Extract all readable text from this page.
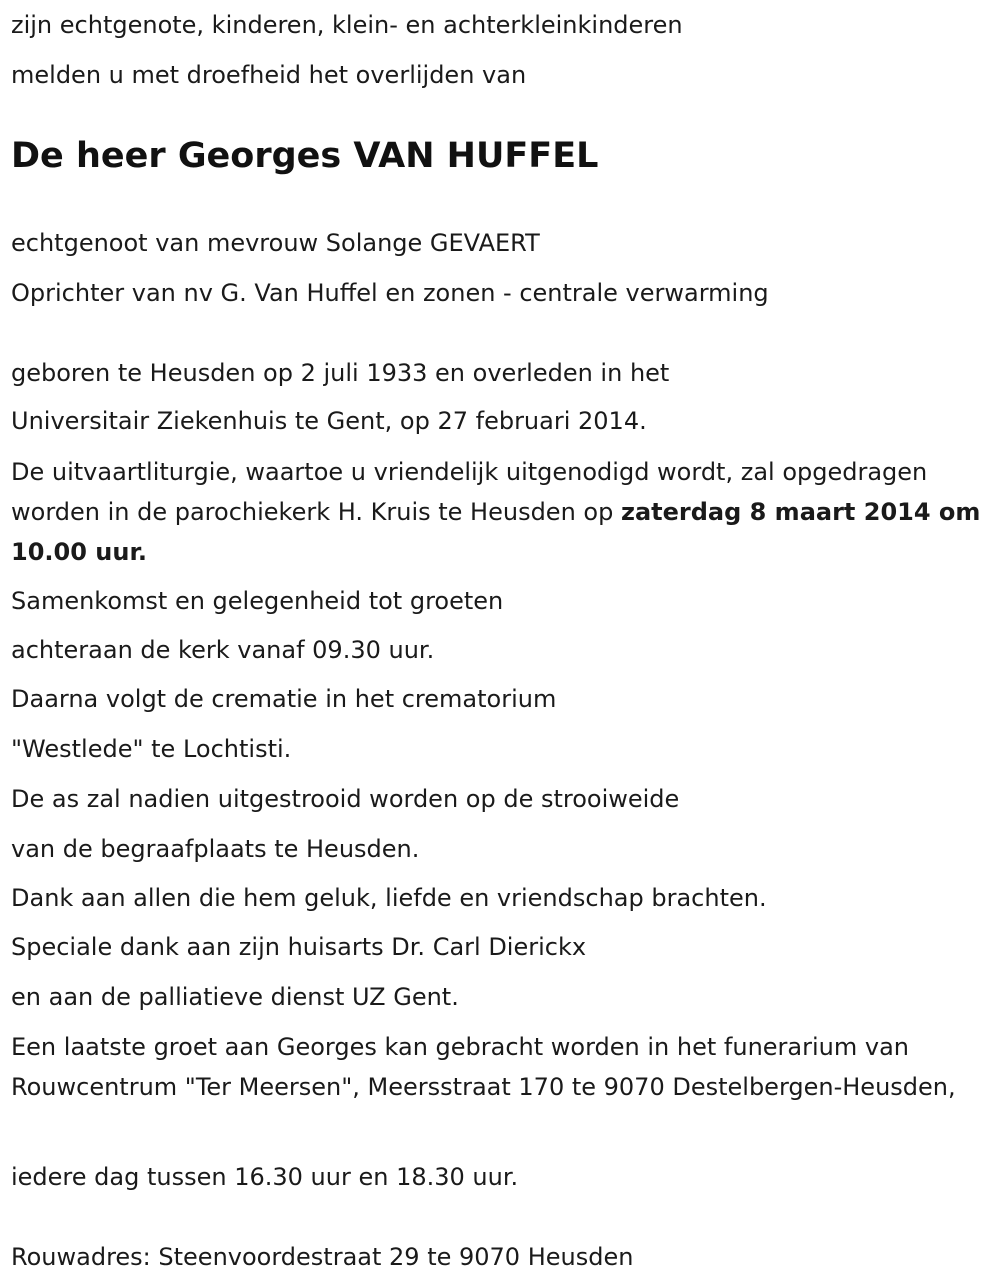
zijn echtgenote, kinderen, klein- en achterkleinkinderen
melden u met droefheid het overlijden van
De heer Georges VAN HUFFEL
echtgenoot van mevrouw Solange GEVAERT
Oprichter van nv G. Van Huffel en zonen - centrale verwarming
geboren te Heusden op 2 juli 1933 en overleden in het
Universitair Ziekenhuis te Gent, op 27 februari 2014.
De uitvaartliturgie, waartoe u vriendelijk uitgenodigd wordt, zal opgedragen worden in de parochiekerk H. Kruis te Heusden op zaterdag 8 maart 2014 om 10.00 uur.
Samenkomst en gelegenheid tot groeten
achteraan de kerk vanaf 09.30 uur.
Daarna volgt de crematie in het crematorium
"Westlede" te Lochtisti.
De as zal nadien uitgestrooid worden op de strooiweide
van de begraafplaats te Heusden.
Dank aan allen die hem geluk, liefde en vriendschap brachten.
Speciale dank aan zijn huisarts Dr. Carl Dierickx
en aan de palliatieve dienst UZ Gent.
Een laatste groet aan Georges kan gebracht worden in het funerarium van Rouwcentrum "Ter Meersen", Meersstraat 170 te 9070 Destelbergen-Heusden,
iedere dag tussen 16.30 uur en 18.30 uur.
Rouwadres: Steenvoordestraat 29 te 9070 Heusden
